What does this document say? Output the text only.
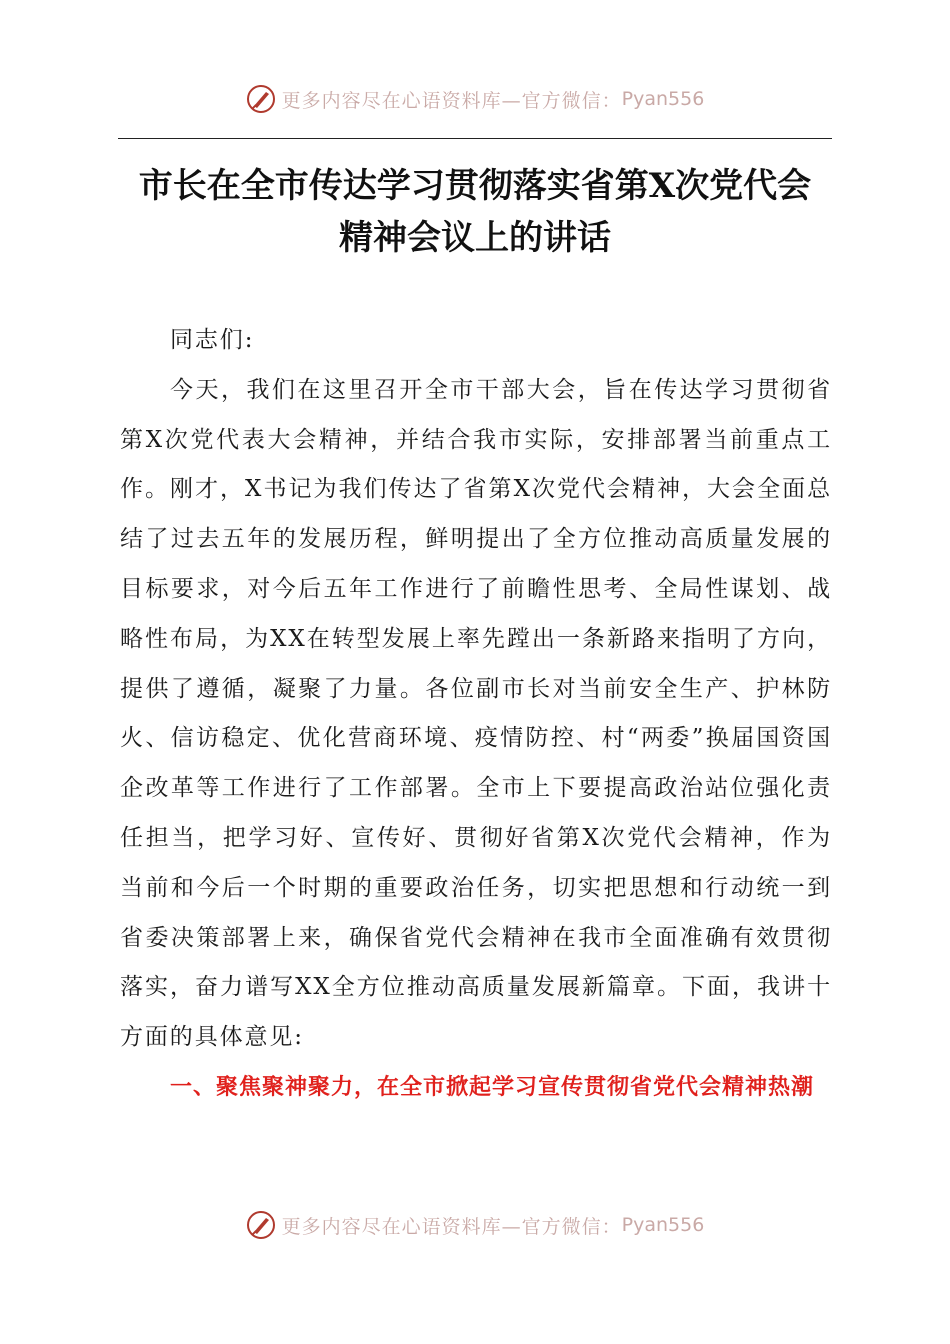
更多内容尽在心语资料库—官方微信： Pyan556
市长在全市传达学习贯彻落实省第X次党代会
精神会议上的讲话

同志们:

今天，我们在这里召开全市干部大会，旨在传达学习贯彻省第X次党代表大会精神，并结合我市实际，安排部署当前重点工作。刚才，X书记为我们传达了省第X次党代会精神，大会全面总结了过去五年的发展历程，鲜明提出了全方位推动高质量发展的目标要求，对今后五年工作进行了前瞻性思考、全局性谋划、战略性布局，为XX在转型发展上率先蹚出一条新路来指明了方向，提供了遵循，凝聚了力量。各位副市长对当前安全生产、护林防火、信访稳定、优化营商环境、疫情防控、村“两委”换届国资国企改革等工作进行了工作部署。全市上下要提高政治站位强化责任担当，把学习好、宣传好、贯彻好省第X次党代会精神，作为当前和今后一个时期的重要政治任务，切实把思想和行动统一到省委决策部署上来，确保省党代会精神在我市全面准确有效贯彻落实，奋力谱写XX全方位推动高质量发展新篇章。下面，我讲十方面的具体意见:

一、聚焦聚神聚力，在全市掀起学习宣传贯彻省党代会精神热潮

更多内容尽在心语资料库—官方微信： Pyan556
